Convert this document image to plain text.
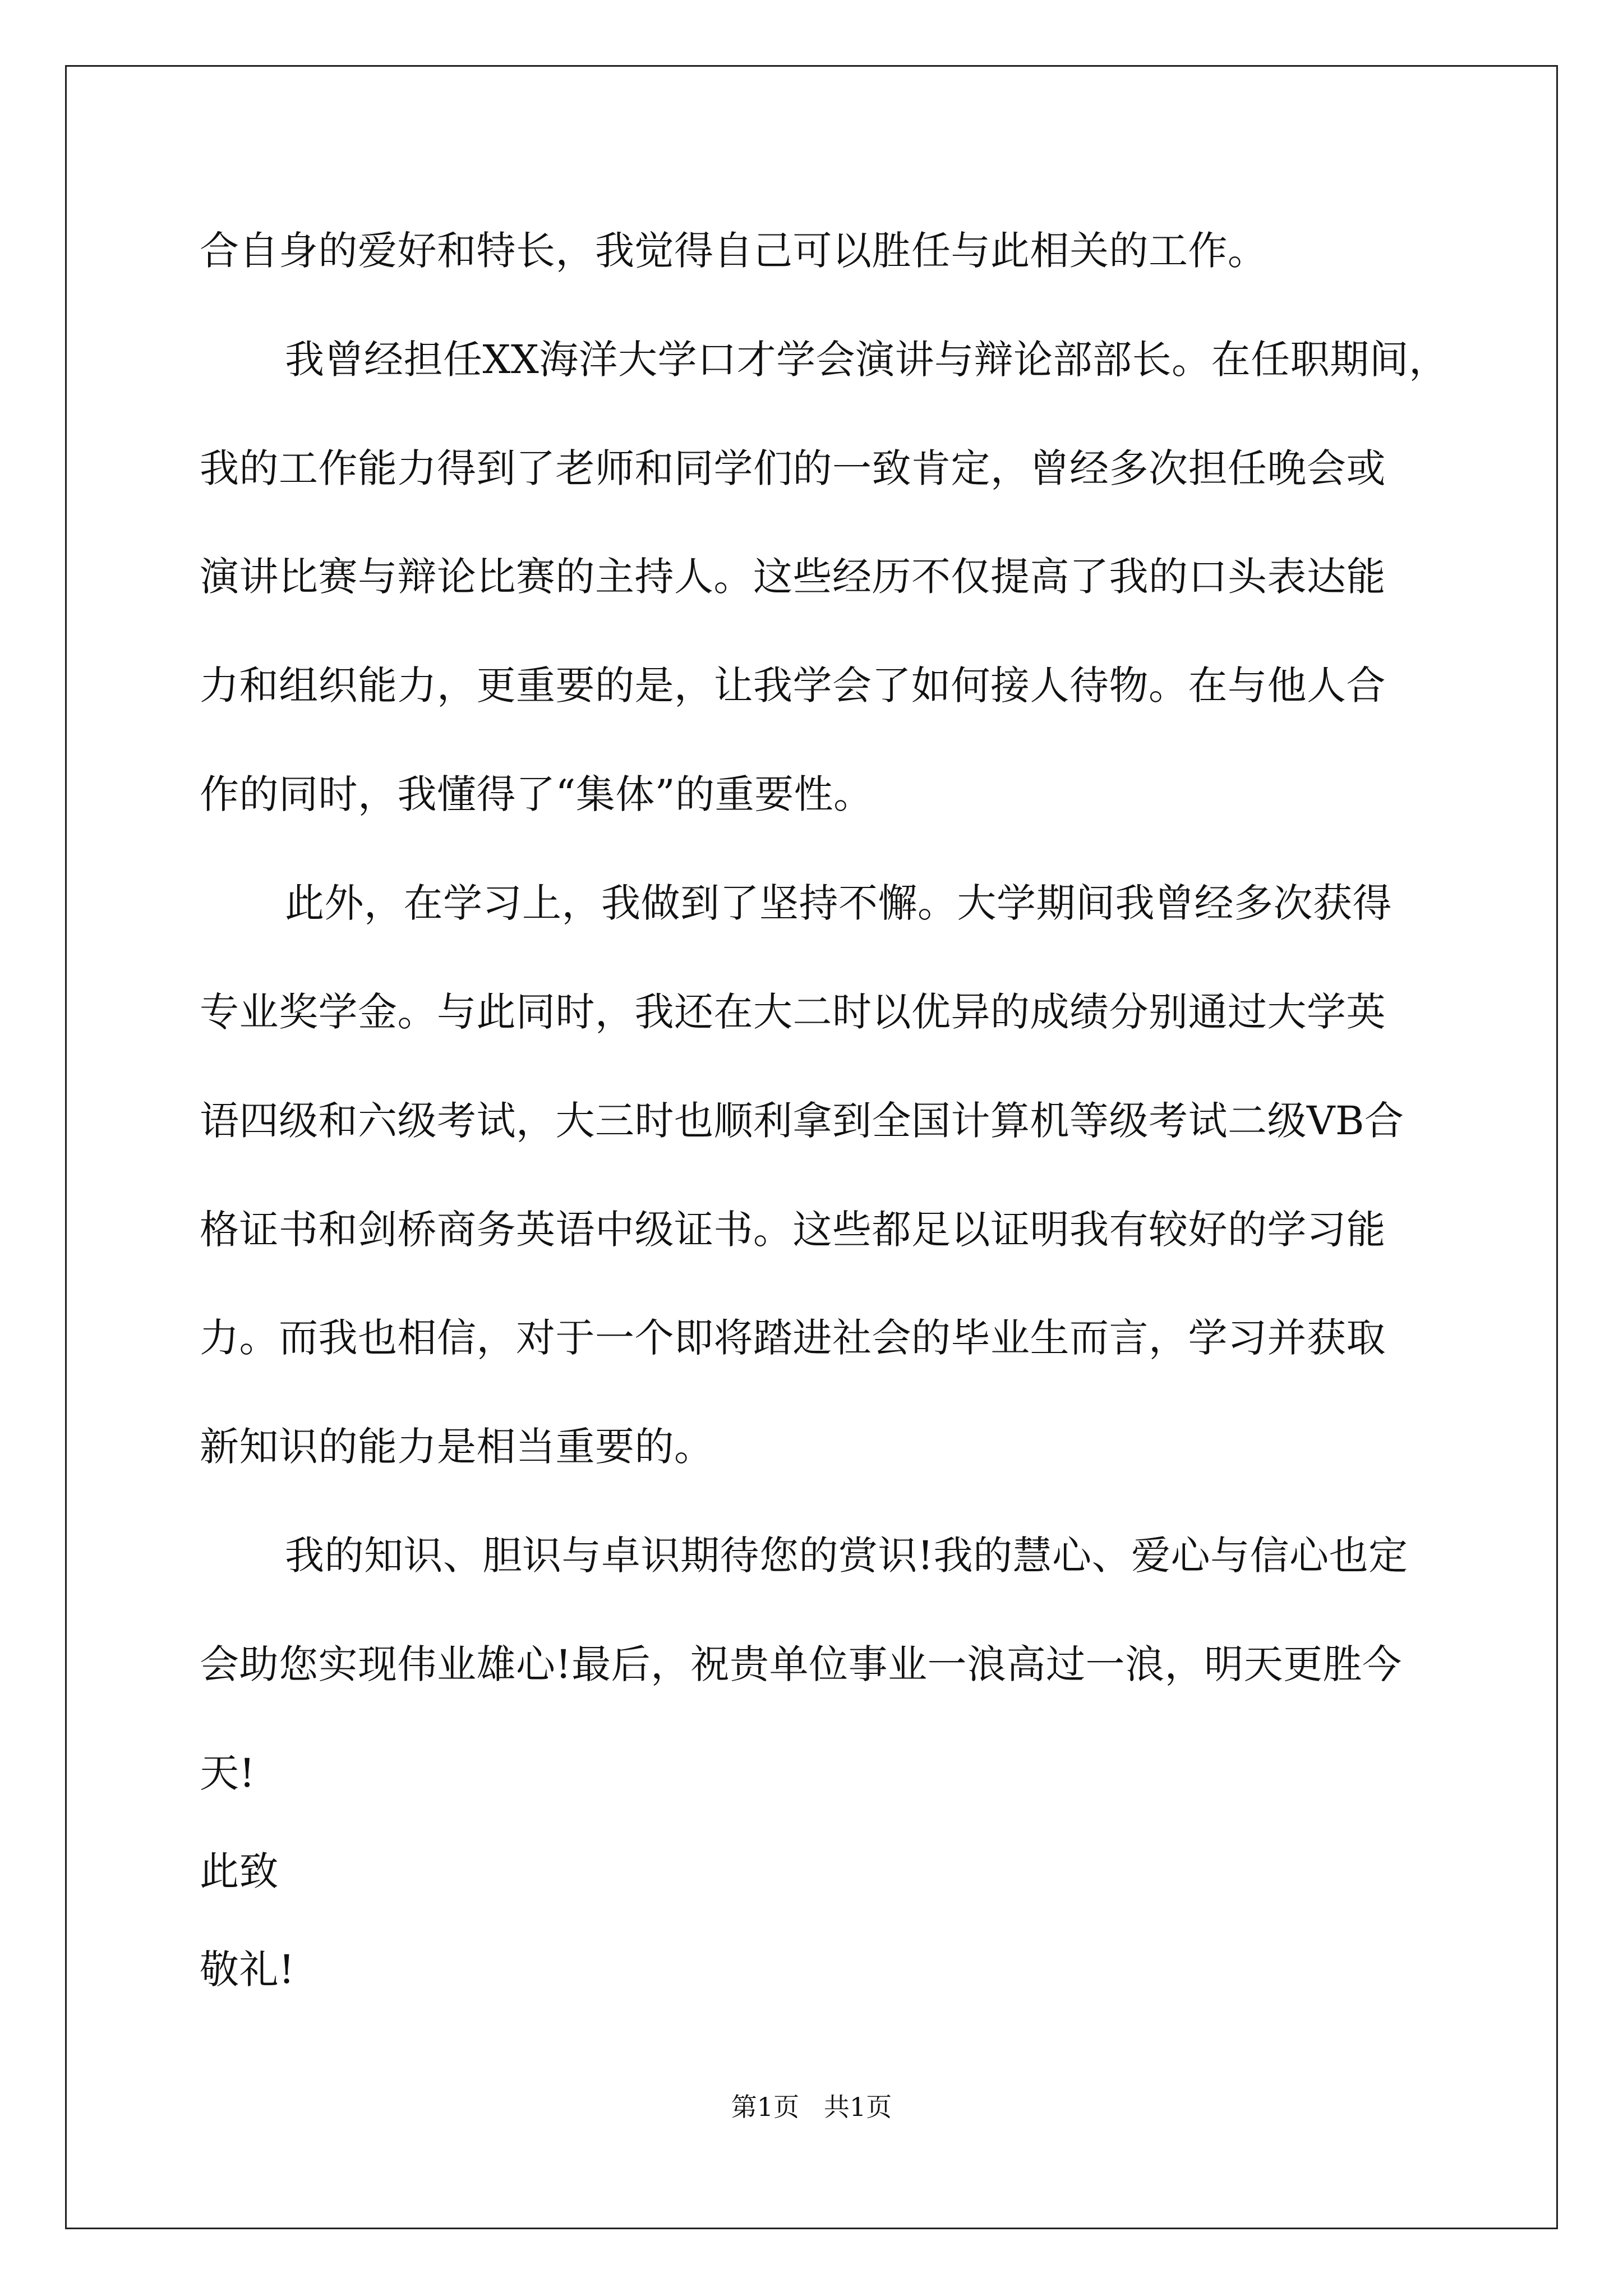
合自身的爱好和特长，我觉得自己可以胜任与此相关的工作。
我曾经担任XX海洋大学口才学会演讲与辩论部部长。在任职期间，
我的工作能力得到了老师和同学们的一致肯定，曾经多次担任晚会或
演讲比赛与辩论比赛的主持人。这些经历不仅提高了我的口头表达能
力和组织能力，更重要的是，让我学会了如何接人待物。在与他人合
作的同时，我懂得了“集体”的重要性。
此外，在学习上，我做到了坚持不懈。大学期间我曾经多次获得
专业奖学金。与此同时，我还在大二时以优异的成绩分别通过大学英
语四级和六级考试，大三时也顺利拿到全国计算机等级考试二级VB合
格证书和剑桥商务英语中级证书。这些都足以证明我有较好的学习能
力。而我也相信，对于一个即将踏进社会的毕业生而言，学习并获取
新知识的能力是相当重要的。
我的知识、胆识与卓识期待您的赏识!我的慧心、爱心与信心也定
会助您实现伟业雄心!最后，祝贵单位事业一浪高过一浪，明天更胜今
天!
此致
敬礼!
第1页   共1页
